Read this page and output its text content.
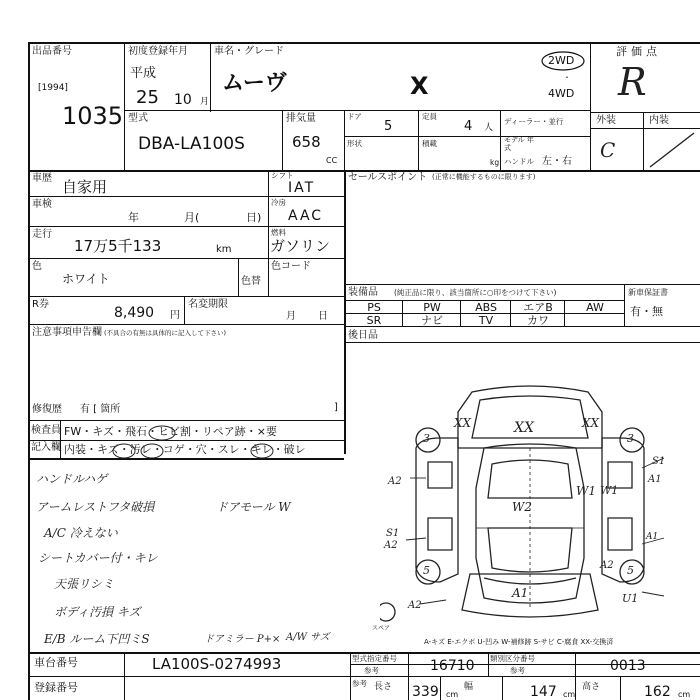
出品番号
[1994]
1035
初度登録年月
平成
25 10 月
車名・グレード
ムーヴ	X
2WD
・
4WD
評価点
R
外装	内装
C
型式
DBA-LA100S
排気量
658
CC
ドア
5
定員
4 人
ディーラー・並行
形状	積載
kg
モデル 年式
ハンドル 左・右
車歴 自家用
シフト
IAT
車検
年	月(	日)
冷房
AAC
走行
17万5千133	km
燃料
ガソリン
色
ホワイト	色替
色コード
R券
8,490 円
名変期限
月 日
注意事項申告欄 (不具合の有無は具体的に記入して下さい)
修復歴 有 [ 箇所	]
検査員
記入欄
FW・キズ・飛石・ヒビ割・リペア跡・×要
内装・キズ・汚レ・コゲ・穴・スレ・キレ・破レ
ハンドルハゲ
アームレストフタ破損
A/C 冷えない
シートカバー付・キレ
天張リシミ
ボディ汚損 キズ
E/B ルーム下凹ミS	ドアミラー P+× A/W サズ
ドアモール W
セールスポイント (正常に機能するものに限ります)
装備品 (純正品に限り、該当箇所に○印をつけて下さい)	新車保証書
有・無
PS	PW	ABS	エアB	AW
SR	ナビ	TV	カワ
後日品
XX	XX	XX
W2
W1
A1
A2
A2
A2
U1
A1
S1
S1	A1
W1
A2
3	3
5	5
スペア
A-キズ E-エクボ U-凹み W-補修跡 S-サビ C-腐食 XX-交換済
車台番号	LA100S-0274993
登録番号
型式指定番号
参考	16710 類別区分番号
参考	0013
参考 長さ 339 cm
幅	147 cm
高さ	162 cm
